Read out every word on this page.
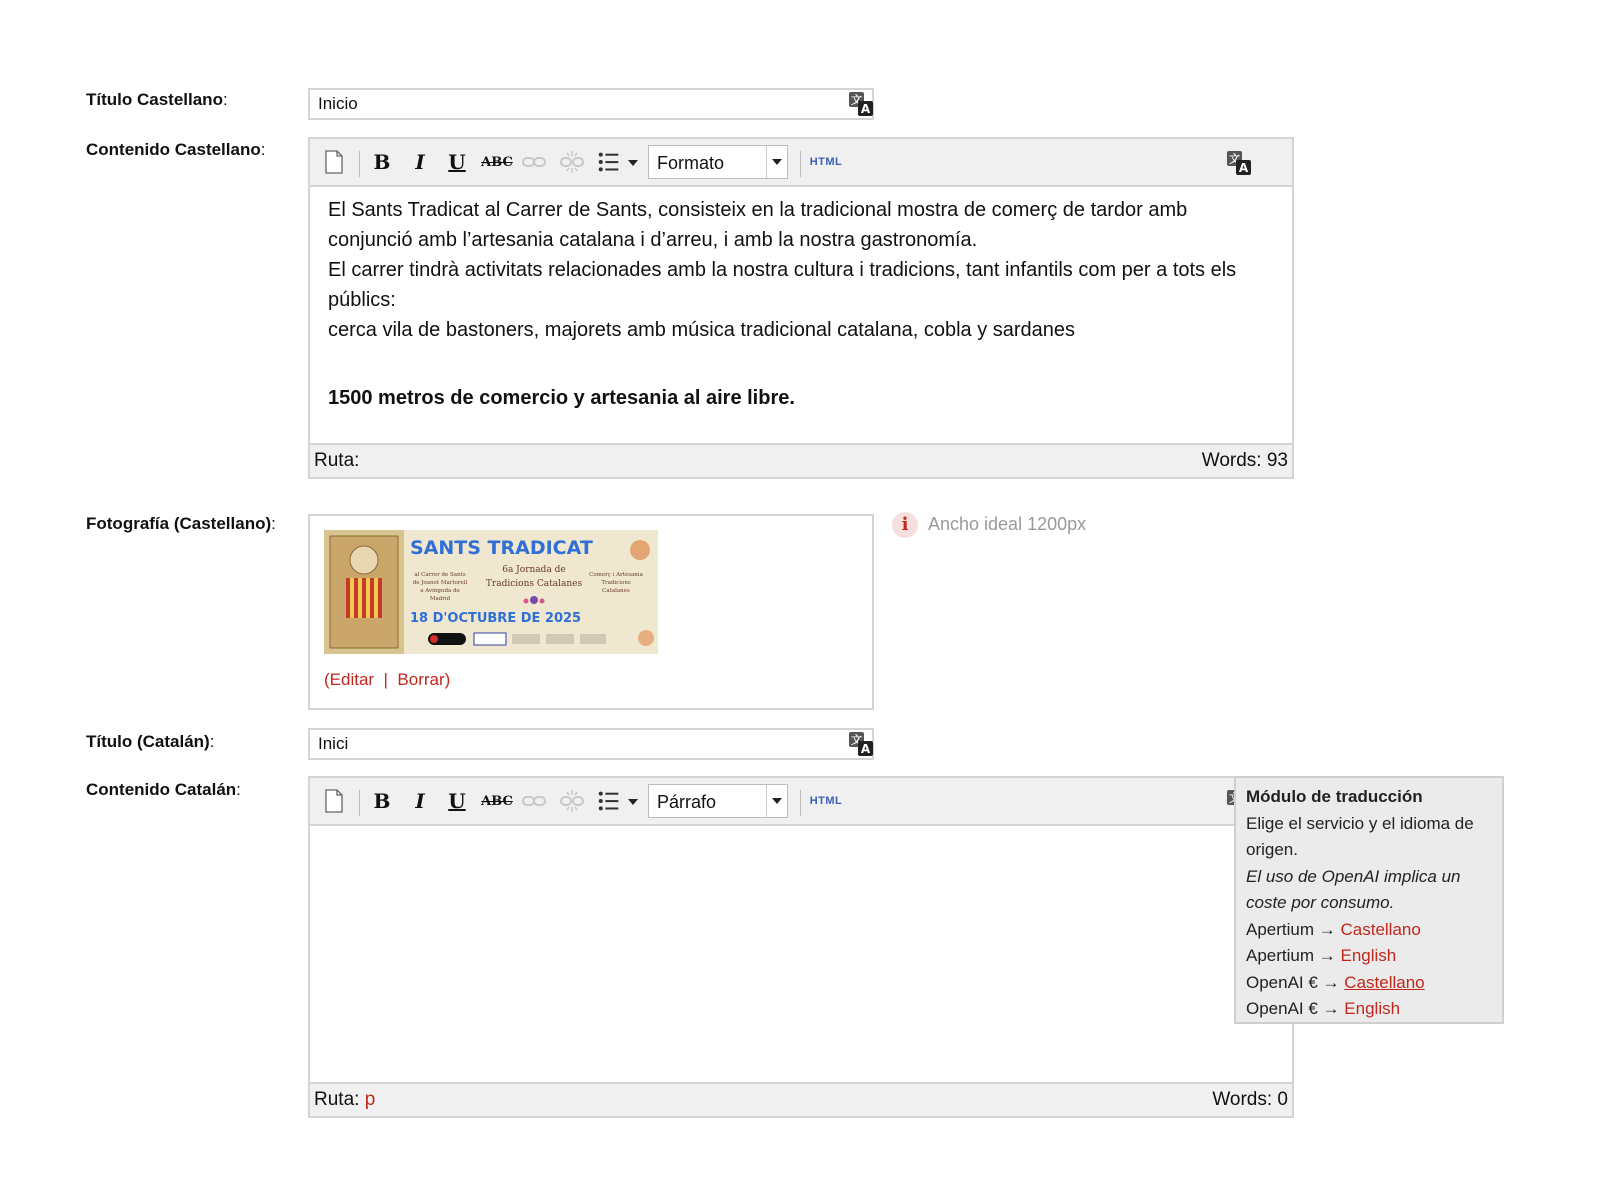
Título Castellano:
Inicio
Contenido Castellano:
B I U ABC	Formato	HTML

El Sants Tradicat al Carrer de Sants, consisteix en la tradicional mostra de comerç de tardor amb conjunció amb l’artesania catalana i d’arreu, i amb la nostra gastronomía.

El carrer tindrà activitats relacionades amb la nostra cultura i tradicions, tant infantils com per a tots els públics:

cerca vila de bastoners, majorets amb música tradicional catalana, cobla y sardanes

1500 metros de comercio y artesania al aire libre.

Ruta:	Words: 93
Fotografía (Castellano):
SANTS TRADICAT
al Carrer de Sants
de Joanot Martorell
a Avinguda de
Madrid
6a Jornada de
Tradicions Catalanes
Comerç i Artesania
Tradicions
Catalanes
18 D'OCTUBRE DE 2025
(Editar | Borrar)
i	Ancho ideal 1200px
Título (Catalán):
Inici
Contenido Catalán:	B I U ABC	Párrafo	HTML
Ruta: p	Words: 0
Módulo de traducción
Elige el servicio y el idioma de origen.
El uso de OpenAI implica un coste por consumo.
Apertium → Castellano
Apertium → English
OpenAI € → Castellano
OpenAI € → English
